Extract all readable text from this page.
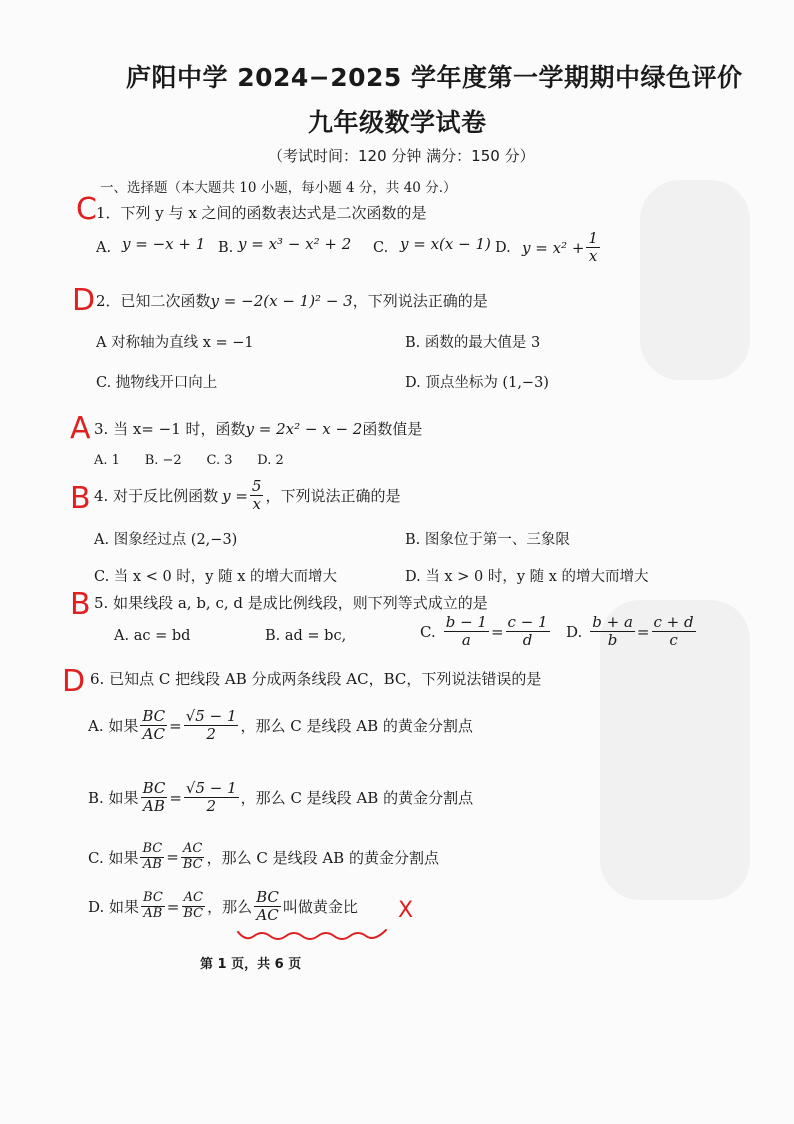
庐阳中学 2024−2025 学年度第一学期期中绿色评价
九年级数学试卷
（考试时间：120 分钟 满分：150 分）
一、选择题（本大题共 10 小题，每小题 4 分，共 40 分.）
C 1．下列 y 与 x 之间的函数表达式是二次函数的是
A. y = −x + 1 B. y = x³ − x² + 2 C. y = x(x − 1) D. $y = x^2 + \frac{1}{x}$
D 2．已知二次函数y = −2(x − 1)² − 3，下列说法正确的是
A 对称轴为直线 x = −1	B. 函数的最大值是 3
C. 抛物线开口向上	D. 顶点坐标为 (1,−3)
A 3. 当 x= −1 时，函数y = 2x² − x − 2函数值是
A. 1      B. −2      C. 3      D. 2
B 4. 对于反比例函数 $y = \frac{5}{x}$ ，下列说法正确的是
A. 图象经过点 (2,−3)	B. 图象位于第一、三象限
C. 当 x < 0 时，y 随 x 的增大而增大	D. 当 x > 0 时，y 随 x 的增大而增大
B 5. 如果线段 a, b, c, d 是成比例线段，则下列等式成立的是
A. ac = bd	B. ad = bc,	C. $\frac{b - 1}{a} = \frac{c - 1}{d} D$. $\frac{b + a}{b} = \frac{c + d}{c}$
D 6. 已知点 C 把线段 AB 分成两条线段 AC，BC，下列说法错误的是
A. 如果 $\frac{BC}{AC} = \frac{√5 - 1}{2}$ ，那么 C 是线段 AB 的黄金分割点
B. 如果 $\frac{BC}{AB} = \frac{√5 - 1}{2}$ ，那么 C 是线段 AB 的黄金分割点
C. 如果 $\frac{BC}{AB} = \frac{AC}{BC}$ ，那么 C 是线段 AB 的黄金分割点
D. 如果 $\frac{BC}{AB} = \frac{AC}{BC}$ ，那么 $\frac{BC}{AC}$ 叫做黄金比 X
第 1 页，共 6 页
